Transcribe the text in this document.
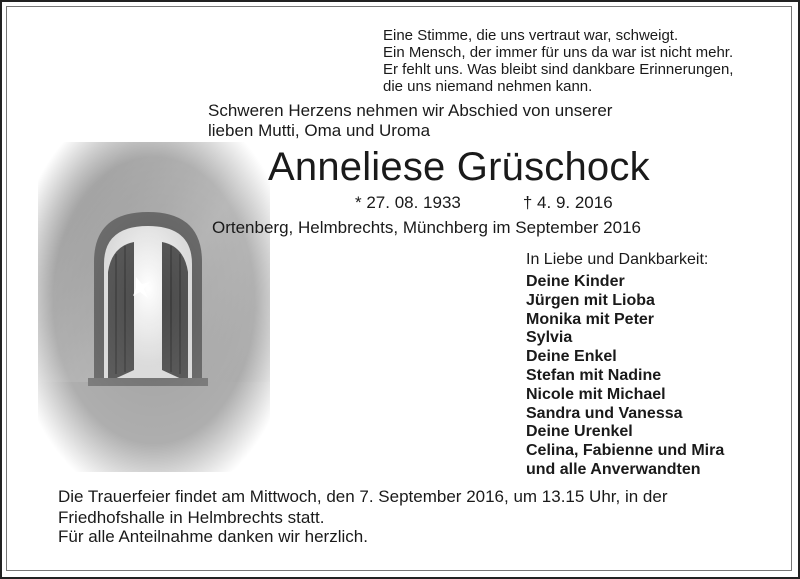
Eine Stimme, die uns vertraut war, schweigt.
Ein Mensch, der immer für uns da war ist nicht mehr.
Er fehlt uns. Was bleibt sind dankbare Erinnerungen,
die uns niemand nehmen kann.
Schweren Herzens nehmen wir Abschied von unserer
lieben Mutti, Oma und Uroma
Anneliese Grüschock
* 27. 08. 1933	† 4. 9. 2016
Ortenberg, Helmbrechts, Münchberg im September 2016
In Liebe und Dankbarkeit:
Deine Kinder
Jürgen mit Lioba
Monika mit Peter
Sylvia
Deine Enkel
Stefan mit Nadine
Nicole mit Michael
Sandra und Vanessa
Deine Urenkel
Celina, Fabienne und Mira
und alle Anverwandten
Die Trauerfeier findet am Mittwoch, den 7. September 2016, um 13.15 Uhr, in der
Friedhofshalle in Helmbrechts statt.
Für alle Anteilnahme danken wir herzlich.
